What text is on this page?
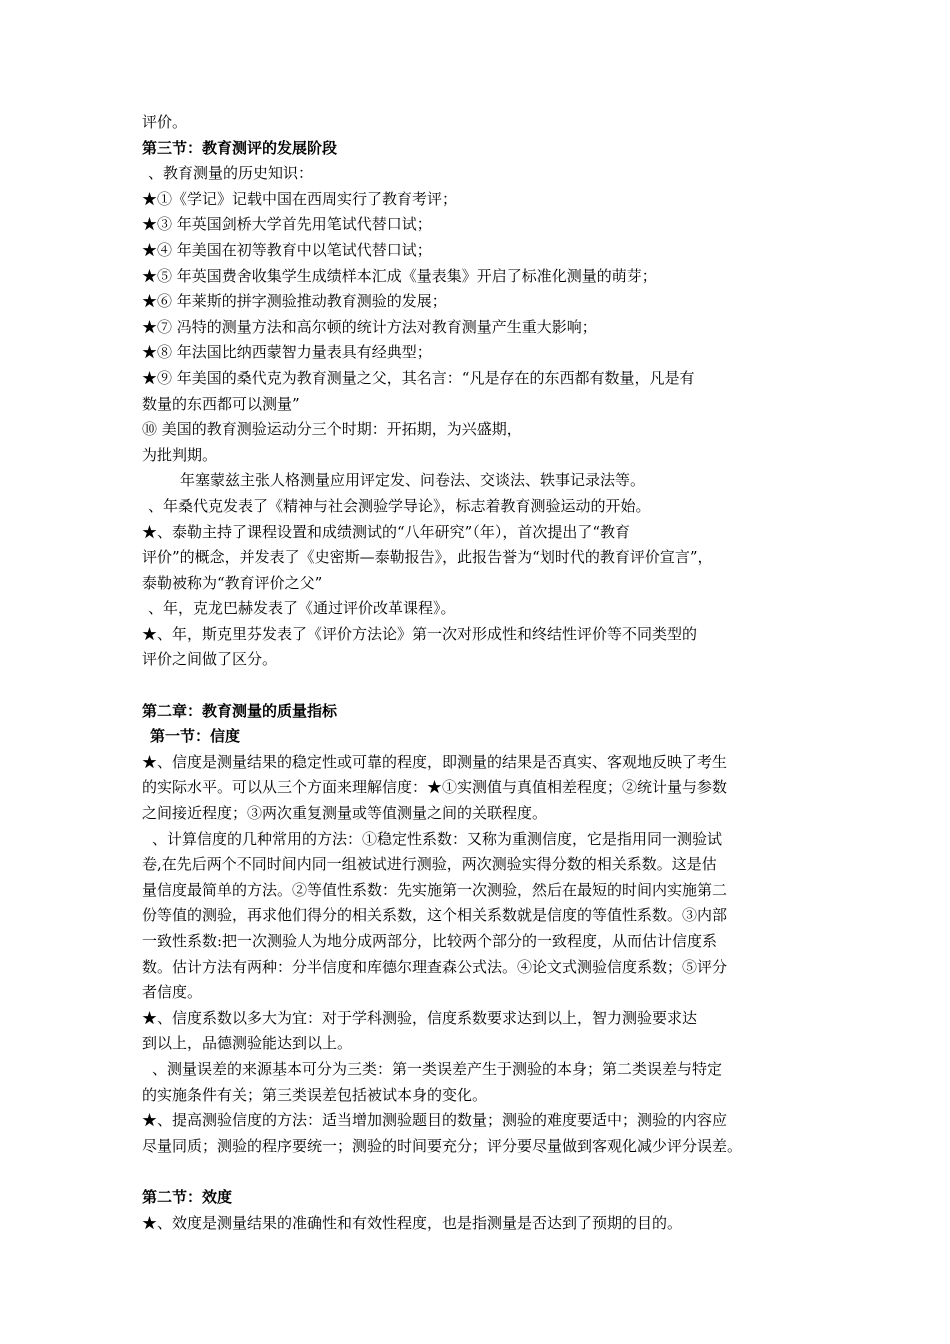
评价。
第三节：教育测评的发展阶段
、教育测量的历史知识：
★①《学记》记载中国在西周实行了教育考评；
★③ 年英国剑桥大学首先用笔试代替口试；
★④ 年美国在初等教育中以笔试代替口试；
★⑤ 年英国费舍收集学生成绩样本汇成《量表集》开启了标准化测量的萌芽；
★⑥ 年莱斯的拼字测验推动教育测验的发展；
★⑦ 冯特的测量方法和高尔顿的统计方法对教育测量产生重大影响；
★⑧ 年法国比纳西蒙智力量表具有经典型；
★⑨ 年美国的桑代克为教育测量之父，其名言：“凡是存在的东西都有数量，凡是有
数量的东西都可以测量”
⑩ 美国的教育测验运动分三个时期：开拓期，为兴盛期，
为批判期。
年塞蒙兹主张人格测量应用评定发、问卷法、交谈法、轶事记录法等。
、年桑代克发表了《精神与社会测验学导论》，标志着教育测验运动的开始。
★、泰勒主持了课程设置和成绩测试的“八年研究”（年），首次提出了“教育
评价”的概念，并发表了《史密斯—泰勒报告》，此报告誉为“划时代的教育评价宣言”，
泰勒被称为“教育评价之父”
、年，克龙巴赫发表了《通过评价改革课程》。
★、年，斯克里芬发表了《评价方法论》第一次对形成性和终结性评价等不同类型的
评价之间做了区分。
第二章：教育测量的质量指标
第一节：信度
★、信度是测量结果的稳定性或可靠的程度，即测量的结果是否真实、客观地反映了考生
的实际水平。可以从三个方面来理解信度：★①实测值与真值相差程度；②统计量与参数
之间接近程度；③两次重复测量或等值测量之间的关联程度。
、计算信度的几种常用的方法：①稳定性系数：又称为重测信度，它是指用同一测验试
卷,在先后两个不同时间内同一组被试进行测验，两次测验实得分数的相关系数。这是估
量信度最简单的方法。②等值性系数：先实施第一次测验，然后在最短的时间内实施第二
份等值的测验，再求他们得分的相关系数，这个相关系数就是信度的等值性系数。③内部
一致性系数:把一次测验人为地分成两部分，比较两个部分的一致程度，从而估计信度系
数。估计方法有两种：分半信度和库德尔理查森公式法。④论文式测验信度系数；⑤评分
者信度。
★、信度系数以多大为宜：对于学科测验，信度系数要求达到以上，智力测验要求达
到以上，品德测验能达到以上。
、测量误差的来源基本可分为三类：第一类误差产生于测验的本身；第二类误差与特定
的实施条件有关；第三类误差包括被试本身的变化。
★、提高测验信度的方法：适当增加测验题目的数量；测验的难度要适中；测验的内容应
尽量同质；测验的程序要统一；测验的时间要充分；评分要尽量做到客观化减少评分误差。
第二节：效度
★、效度是测量结果的准确性和有效性程度，也是指测量是否达到了预期的目的。
